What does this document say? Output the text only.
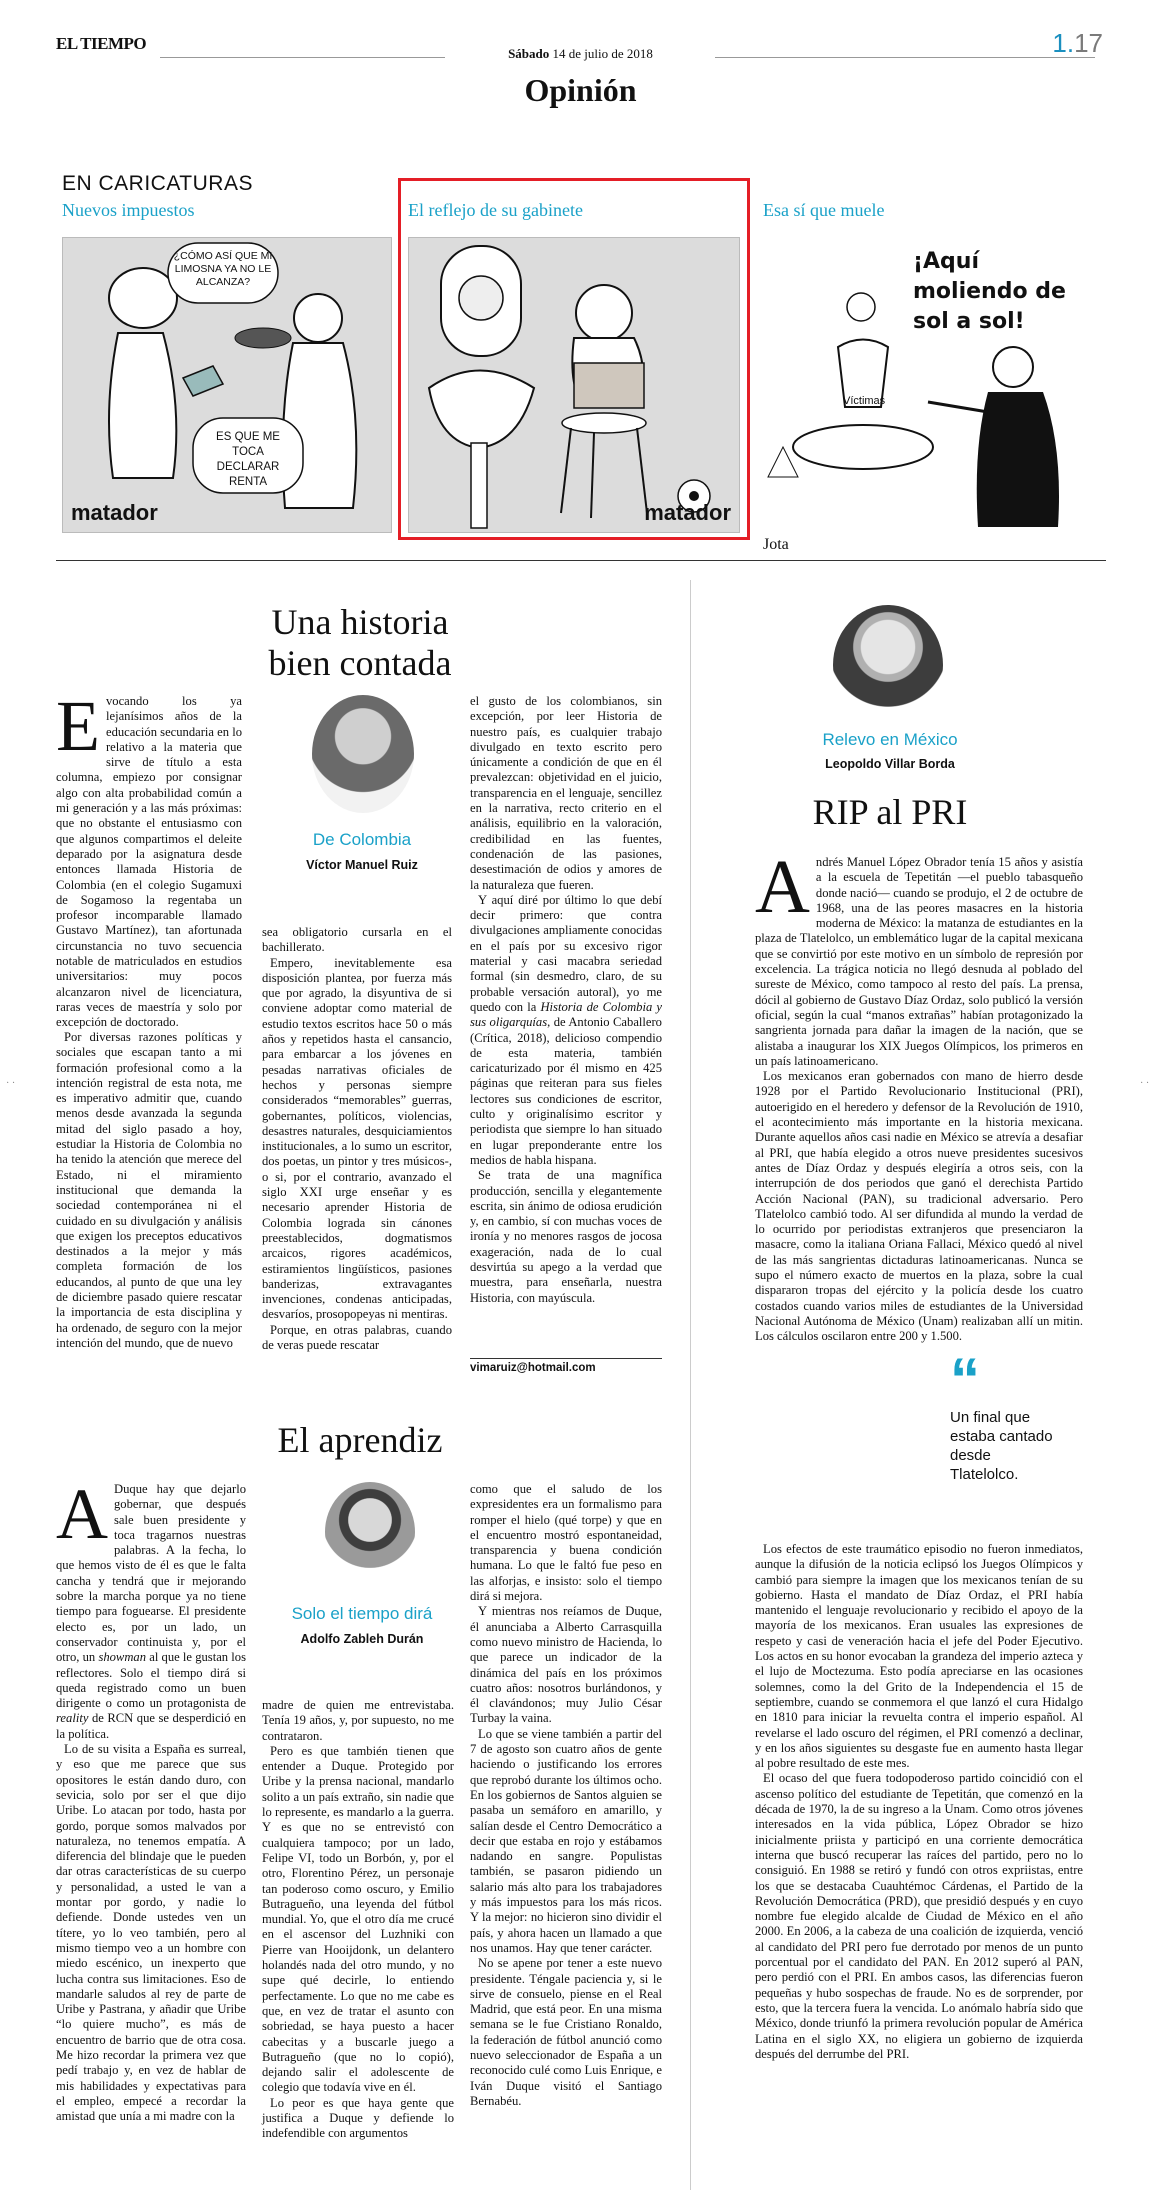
EL TIEMPO
Sábado 14 de julio de 2018	1.17
Opinión
EN CARICATURAS
Nuevos impuestos	El reflejo de su gabinete	Esa sí que muele
¿CÓMO ASÍ QUE MI LIMOSNA YA NO LE ALCANZA?
ES QUE ME TOCA DECLARAR RENTA
matador	matador
¡Aquí moliendo de sol a sol!
Víctimas
Jota
Una historia
bien contada
De Colombia
Víctor Manuel Ruiz
E vocando los ya lejanísimos años de la educación secundaria en lo relativo a la materia que sirve de título a esta columna, empiezo por consignar algo con alta probabilidad común a mi generación y a las más próximas: que no obstante el entusiasmo con que algunos compartimos el deleite deparado por la asignatura desde entonces llamada Historia de Colombia (en el colegio Sugamuxi de Sogamoso la regentaba un profesor incomparable llamado Gustavo Martínez), tan afortunada circunstancia no tuvo secuencia notable de matriculados en estudios universitarios: muy pocos alcanzaron nivel de licenciatura, raras veces de maestría y solo por excepción de doctorado.
Por diversas razones políticas y sociales que escapan tanto a mi formación profesional como a la intención registral de esta nota, me es imperativo admitir que, cuando menos desde avanzada la segunda mitad del siglo pasado a hoy, estudiar la Historia de Colombia no ha tenido la atención que merece del Estado, ni el miramiento institucional que demanda la sociedad contemporánea ni el cuidado en su divulgación y análisis que exigen los preceptos educativos destinados a la mejor y más completa formación de los educandos, al punto de que una ley de diciembre pasado quiere rescatar la importancia de esta disciplina y ha ordenado, de seguro con la mejor intención del mundo, que de nuevo

sea obligatorio cursarla en el bachillerato.

Empero, inevitablemente esa disposición plantea, por fuerza más que por agrado, la disyuntiva de si conviene adoptar como material de estudio textos escritos hace 50 o más años y repetidos hasta el cansancio, para embarcar a los jóvenes en pesadas narrativas oficiales de hechos y personas siempre considerados “memorables” guerras, gobernantes, políticos, violencias, desastres naturales, desquiciamientos institucionales, a lo sumo un escritor, dos poetas, un pintor y tres músicos-, o si, por el contrario, avanzado el siglo XXI urge enseñar y es necesario aprender Historia de Colombia lograda sin cánones preestablecidos, dogmatismos arcaicos, rigores académicos, estiramientos lingüísticos, pasiones banderizas, extravagantes invenciones, condenas anticipadas, desvaríos, prosopopeyas ni mentiras.

Porque, en otras palabras, cuando de veras puede rescatar

el gusto de los colombianos, sin excepción, por leer Historia de nuestro país, es cualquier trabajo divulgado en texto escrito pero únicamente a condición de que en él prevalezcan: objetividad en el juicio, transparencia en el lenguaje, sencillez en la narrativa, recto criterio en el análisis, equilibrio en la valoración, credibilidad en las fuentes, condenación de las pasiones, desestimación de odios y amores de la naturaleza que fueren.

Y aquí diré por último lo que debí decir primero: que contra divulgaciones ampliamente conocidas en el país por su excesivo rigor material y casi macabra seriedad formal (sin desmedro, claro, de su probable versación autoral), yo me quedo con la Historia de Colombia y sus oligarquías, de Antonio Caballero (Crítica, 2018), delicioso compendio de esta materia, también caricaturizado por él mismo en 425 páginas que reiteran para sus fieles lectores sus condiciones de escritor, culto y originalísimo escritor y periodista que siempre lo han situado en lugar preponderante entre los medios de habla hispana.

Se trata de una magnífica producción, sencilla y elegantemente escrita, sin ánimo de odiosa erudición y, en cambio, sí con muchas voces de ironía y no menores rasgos de jocosa exageración, nada de lo cual desvirtúa su apego a la verdad que muestra, para enseñarla, nuestra Historia, con mayúscula.

vimaruiz@hotmail.com
El aprendiz
Solo el tiempo dirá
Adolfo Zableh Durán

A Duque hay que dejarlo gobernar, que después sale buen presidente y toca tragarnos nuestras palabras. A la fecha, lo que hemos visto de él es que le falta cancha y tendrá que ir mejorando sobre la marcha porque ya no tiene tiempo para foguearse. El presidente electo es, por un lado, un conservador continuista y, por el otro, un showman al que le gustan los reflectores. Solo el tiempo dirá si queda registrado como un buen dirigente o como un protagonista de reality de RCN que se desperdició en la política.

Lo de su visita a España es surreal, y eso que me parece que sus opositores le están dando duro, con sevicia, solo por ser el que dijo Uribe. Lo atacan por todo, hasta por gordo, porque somos malvados por naturaleza, no tenemos empatía. A diferencia del blindaje que le pueden dar otras características de su cuerpo y personalidad, a usted le van a montar por gordo, y nadie lo defiende. Donde ustedes ven un títere, yo lo veo también, pero al mismo tiempo veo a un hombre con miedo escénico, un inexperto que lucha contra sus limitaciones. Eso de mandarle saludos al rey de parte de Uribe y Pastrana, y añadir que Uribe “lo quiere mucho”, es más de encuentro de barrio que de otra cosa. Me hizo recordar la primera vez que pedí trabajo y, en vez de hablar de mis habilidades y expectativas para el empleo, empecé a recordar la amistad que unía a mi madre con la

madre de quien me entrevistaba. Tenía 19 años, y, por supuesto, no me contrataron.

Pero es que también tienen que entender a Duque. Protegido por Uribe y la prensa nacional, mandarlo solito a un país extraño, sin nadie que lo represente, es mandarlo a la guerra. Y es que no se entrevistó con cualquiera tampoco; por un lado, Felipe VI, todo un Borbón, y, por el otro, Florentino Pérez, un personaje tan poderoso como oscuro, y Emilio Butragueño, una leyenda del fútbol mundial. Yo, que el otro día me crucé en el ascensor del Luzhniki con Pierre van Hooijdonk, un delantero holandés nada del otro mundo, y no supe qué decirle, lo entiendo perfectamente. Lo que no me cabe es que, en vez de tratar el asunto con sobriedad, se haya puesto a hacer cabecitas y a buscarle juego a Butragueño (que no lo copió), dejando salir el adolescente de colegio que todavía vive en él.

Lo peor es que haya gente que justifica a Duque y defiende lo indefendible con argumentos

como que el saludo de los expresidentes era un formalismo para romper el hielo (qué torpe) y que en el encuentro mostró espontaneidad, transparencia y buena condición humana. Lo que le faltó fue peso en las alforjas, e insisto: solo el tiempo dirá si mejora.

Y mientras nos reíamos de Duque, él anunciaba a Alberto Carrasquilla como nuevo ministro de Hacienda, lo que parece un indicador de la dinámica del país en los próximos cuatro años: nosotros burlándonos, y él clavándonos; muy Julio César Turbay la vaina.

Lo que se viene también a partir del 7 de agosto son cuatro años de gente haciendo o justificando los errores que reprobó durante los últimos ocho. En los gobiernos de Santos alguien se pasaba un semáforo en amarillo, y salían desde el Centro Democrático a decir que estaba en rojo y estábamos nadando en sangre. Populistas también, se pasaron pidiendo un salario más alto para los trabajadores y más impuestos para los más ricos. Y la mejor: no hicieron sino dividir el país, y ahora hacen un llamado a que nos unamos. Hay que tener carácter.

No se apene por tener a este nuevo presidente. Téngale paciencia y, si le sirve de consuelo, piense en el Real Madrid, que está peor. En una misma semana se le fue Cristiano Ronaldo, la federación de fútbol anunció como nuevo seleccionador de España a un reconocido culé como Luis Enrique, e Iván Duque visitó el Santiago Bernabéu.

Relevo en México
Leopoldo Villar Borda
RIP al PRI

Andrés Manuel López Obrador tenía 15 años y asistía a la escuela de Tepetitán —el pueblo tabasqueño donde nació— cuando se produjo, el 2 de octubre de 1968, una de las peores masacres en la historia moderna de México: la matanza de estudiantes en la plaza de Tlatelolco, un emblemático lugar de la capital mexicana que se convirtió por este motivo en un símbolo de represión por excelencia. La trágica noticia no llegó desnuda al poblado del sureste de México, como tampoco al resto del país. La prensa, dócil al gobierno de Gustavo Díaz Ordaz, solo publicó la versión oficial, según la cual “manos extrañas” habían protagonizado la sangrienta jornada para dañar la imagen de la nación, que se alistaba a inaugurar los XIX Juegos Olímpicos, los primeros en un país latinoamericano.

Los mexicanos eran gobernados con mano de hierro desde 1928 por el Partido Revolucionario Institucional (PRI), autoerigido en el heredero y defensor de la Revolución de 1910, el acontecimiento más importante en la historia mexicana. Durante aquellos años casi nadie en México se atrevía a desafiar al PRI, que había elegido a otros nueve presidentes sucesivos antes de Díaz Ordaz y después elegiría a otros seis, con la interrupción de dos periodos que ganó el derechista Partido Acción Nacional (PAN), su tradicional adversario. Pero Tlatelolco cambió todo. Al ser difundida al mundo la verdad de lo ocurrido por periodistas extranjeros que presenciaron la masacre, como la italiana Oriana Fallaci, México quedó al nivel de las más sangrientas dictaduras latinoamericanas. Nunca se supo el número exacto de muertos en la plaza, sobre la cual dispararon tropas del ejército y la policía desde los cuatro costados cuando varios miles de estudiantes de la Universidad Nacional Autónoma de México (Unam) realizaban allí un mitin. Los cálculos oscilaron entre 200 y 1.500.

Los efectos de este traumático episodio no fueron inmediatos, aunque la difusión de la noticia eclipsó los Juegos Olímpicos y cambió para siempre la imagen que los mexicanos tenían de su gobierno. Hasta el mandato de Díaz Ordaz, el PRI había mantenido el lenguaje revolucionario y recibido el apoyo de la mayoría de los mexicanos. Eran usuales las expresiones de respeto y casi de veneración hacia el jefe del Poder Ejecutivo. Los actos en su honor evocaban la grandeza del imperio azteca y el lujo de Moctezuma. Esto podía apreciarse en las ocasiones solemnes, como la del Grito de la Independencia el 15 de septiembre, cuando se conmemora el que lanzó el cura Hidalgo en 1810 para iniciar la revuelta contra el imperio español. Al revelarse el lado oscuro del régimen, el PRI comenzó a declinar, y en los años siguientes su desgaste fue en aumento hasta llegar al pobre resultado de este mes.

El ocaso del que fuera todopoderoso partido coincidió con el ascenso político del estudiante de Tepetitán, que comenzó en la década de 1970, la de su ingreso a la Unam. Como otros jóvenes interesados en la vida pública, López Obrador se hizo inicialmente priista y participó en una corriente democrática interna que buscó recuperar las raíces del partido, pero no lo consiguió. En 1988 se retiró y fundó con otros expriistas, entre los que se destacaba Cuauhtémoc Cárdenas, el Partido de la Revolución Democrática (PRD), que presidió después y en cuyo nombre fue elegido alcalde de Ciudad de México en el año 2000. En 2006, a la cabeza de una coalición de izquierda, venció al candidato del PRI pero fue derrotado por menos de un punto porcentual por el candidato del PAN. En 2012 superó al PAN, pero perdió con el PRI. En ambos casos, las diferencias fueron pequeñas y hubo sospechas de fraude. No es de sorprender, por esto, que la tercera fuera la vencida. Lo anómalo habría sido que México, donde triunfó la primera revolución popular de América Latina en el siglo XX, no eligiera un gobierno de izquierda después del derrumbe del PRI.

“
Un final que estaba cantado desde Tlatelolco.
· ·	· ·
